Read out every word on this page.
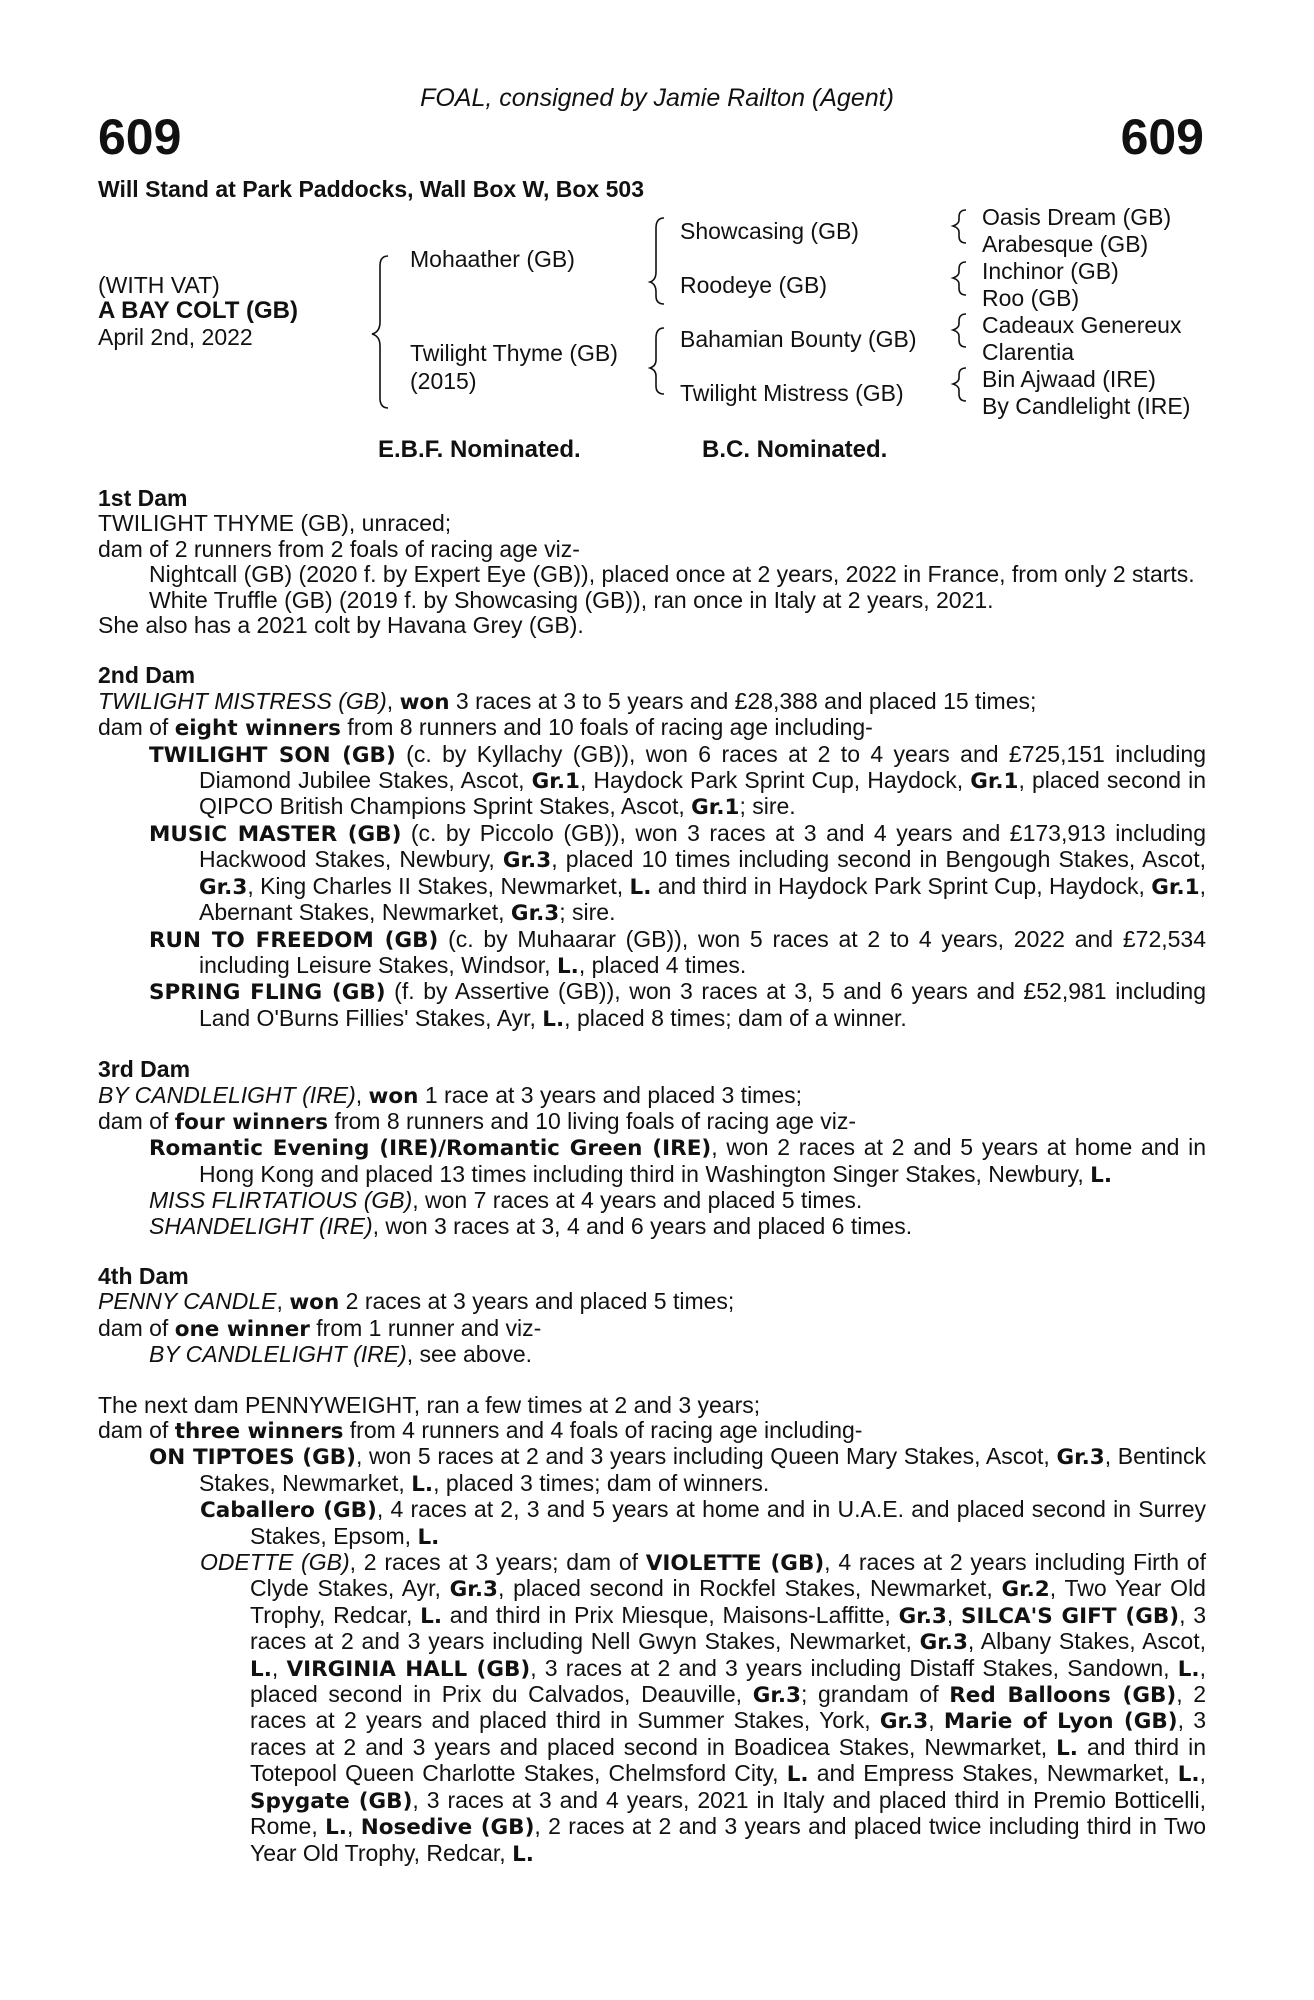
FOAL, consigned by Jamie Railton (Agent)
609	609
Will Stand at Park Paddocks, Wall Box W, Box 503
(WITH VAT)
A BAY COLT (GB)
April 2nd, 2022
Mohaather (GB)
Twilight Thyme (GB)
(2015)
Showcasing (GB)
Roodeye (GB)
Bahamian Bounty (GB)
Twilight Mistress (GB)
Oasis Dream (GB)
Arabesque (GB)
Inchinor (GB)
Roo (GB)
Cadeaux Genereux
Clarentia
Bin Ajwaad (IRE)
By Candlelight (IRE)
E.B.F. Nominated.	B.C. Nominated.
1st Dam
TWILIGHT THYME (GB), unraced;
dam of 2 runners from 2 foals of racing age viz-
Nightcall (GB) (2020 f. by Expert Eye (GB)), placed once at 2 years, 2022 in France, from only 2 starts.
White Truffle (GB) (2019 f. by Showcasing (GB)), ran once in Italy at 2 years, 2021.
She also has a 2021 colt by Havana Grey (GB).
2nd Dam
TWILIGHT MISTRESS (GB), won 3 races at 3 to 5 years and £28,388 and placed 15 times;
dam of eight winners from 8 runners and 10 foals of racing age including-
TWILIGHT SON (GB) (c. by Kyllachy (GB)), won 6 races at 2 to 4 years and £725,151 including Diamond Jubilee Stakes, Ascot, Gr.1, Haydock Park Sprint Cup, Haydock, Gr.1, placed second in QIPCO British Champions Sprint Stakes, Ascot, Gr.1; sire.
MUSIC MASTER (GB) (c. by Piccolo (GB)), won 3 races at 3 and 4 years and £173,913 including Hackwood Stakes, Newbury, Gr.3, placed 10 times including second in Bengough Stakes, Ascot, Gr.3, King Charles II Stakes, Newmarket, L. and third in Haydock Park Sprint Cup, Haydock, Gr.1, Abernant Stakes, Newmarket, Gr.3; sire.
RUN TO FREEDOM (GB) (c. by Muhaarar (GB)), won 5 races at 2 to 4 years, 2022 and £72,534 including Leisure Stakes, Windsor, L., placed 4 times.
SPRING FLING (GB) (f. by Assertive (GB)), won 3 races at 3, 5 and 6 years and £52,981 including Land O'Burns Fillies' Stakes, Ayr, L., placed 8 times; dam of a winner.
3rd Dam
BY CANDLELIGHT (IRE), won 1 race at 3 years and placed 3 times;
dam of four winners from 8 runners and 10 living foals of racing age viz-
Romantic Evening (IRE)/Romantic Green (IRE), won 2 races at 2 and 5 years at home and in Hong Kong and placed 13 times including third in Washington Singer Stakes, Newbury, L.
MISS FLIRTATIOUS (GB), won 7 races at 4 years and placed 5 times.
SHANDELIGHT (IRE), won 3 races at 3, 4 and 6 years and placed 6 times.
4th Dam
PENNY CANDLE, won 2 races at 3 years and placed 5 times;
dam of one winner from 1 runner and viz-
BY CANDLELIGHT (IRE), see above.
The next dam PENNYWEIGHT, ran a few times at 2 and 3 years;
dam of three winners from 4 runners and 4 foals of racing age including-
ON TIPTOES (GB), won 5 races at 2 and 3 years including Queen Mary Stakes, Ascot, Gr.3, Bentinck Stakes, Newmarket, L., placed 3 times; dam of winners.
Caballero (GB), 4 races at 2, 3 and 5 years at home and in U.A.E. and placed second in Surrey Stakes, Epsom, L.
ODETTE (GB), 2 races at 3 years; dam of VIOLETTE (GB), 4 races at 2 years including Firth of Clyde Stakes, Ayr, Gr.3, placed second in Rockfel Stakes, Newmarket, Gr.2, Two Year Old Trophy, Redcar, L. and third in Prix Miesque, Maisons-Laffitte, Gr.3, SILCA'S GIFT (GB), 3 races at 2 and 3 years including Nell Gwyn Stakes, Newmarket, Gr.3, Albany Stakes, Ascot, L., VIRGINIA HALL (GB), 3 races at 2 and 3 years including Distaff Stakes, Sandown, L., placed second in Prix du Calvados, Deauville, Gr.3; grandam of Red Balloons (GB), 2 races at 2 years and placed third in Summer Stakes, York, Gr.3, Marie of Lyon (GB), 3 races at 2 and 3 years and placed second in Boadicea Stakes, Newmarket, L. and third in Totepool Queen Charlotte Stakes, Chelmsford City, L. and Empress Stakes, Newmarket, L., Spygate (GB), 3 races at 3 and 4 years, 2021 in Italy and placed third in Premio Botticelli, Rome, L., Nosedive (GB), 2 races at 2 and 3 years and placed twice including third in Two Year Old Trophy, Redcar, L.
